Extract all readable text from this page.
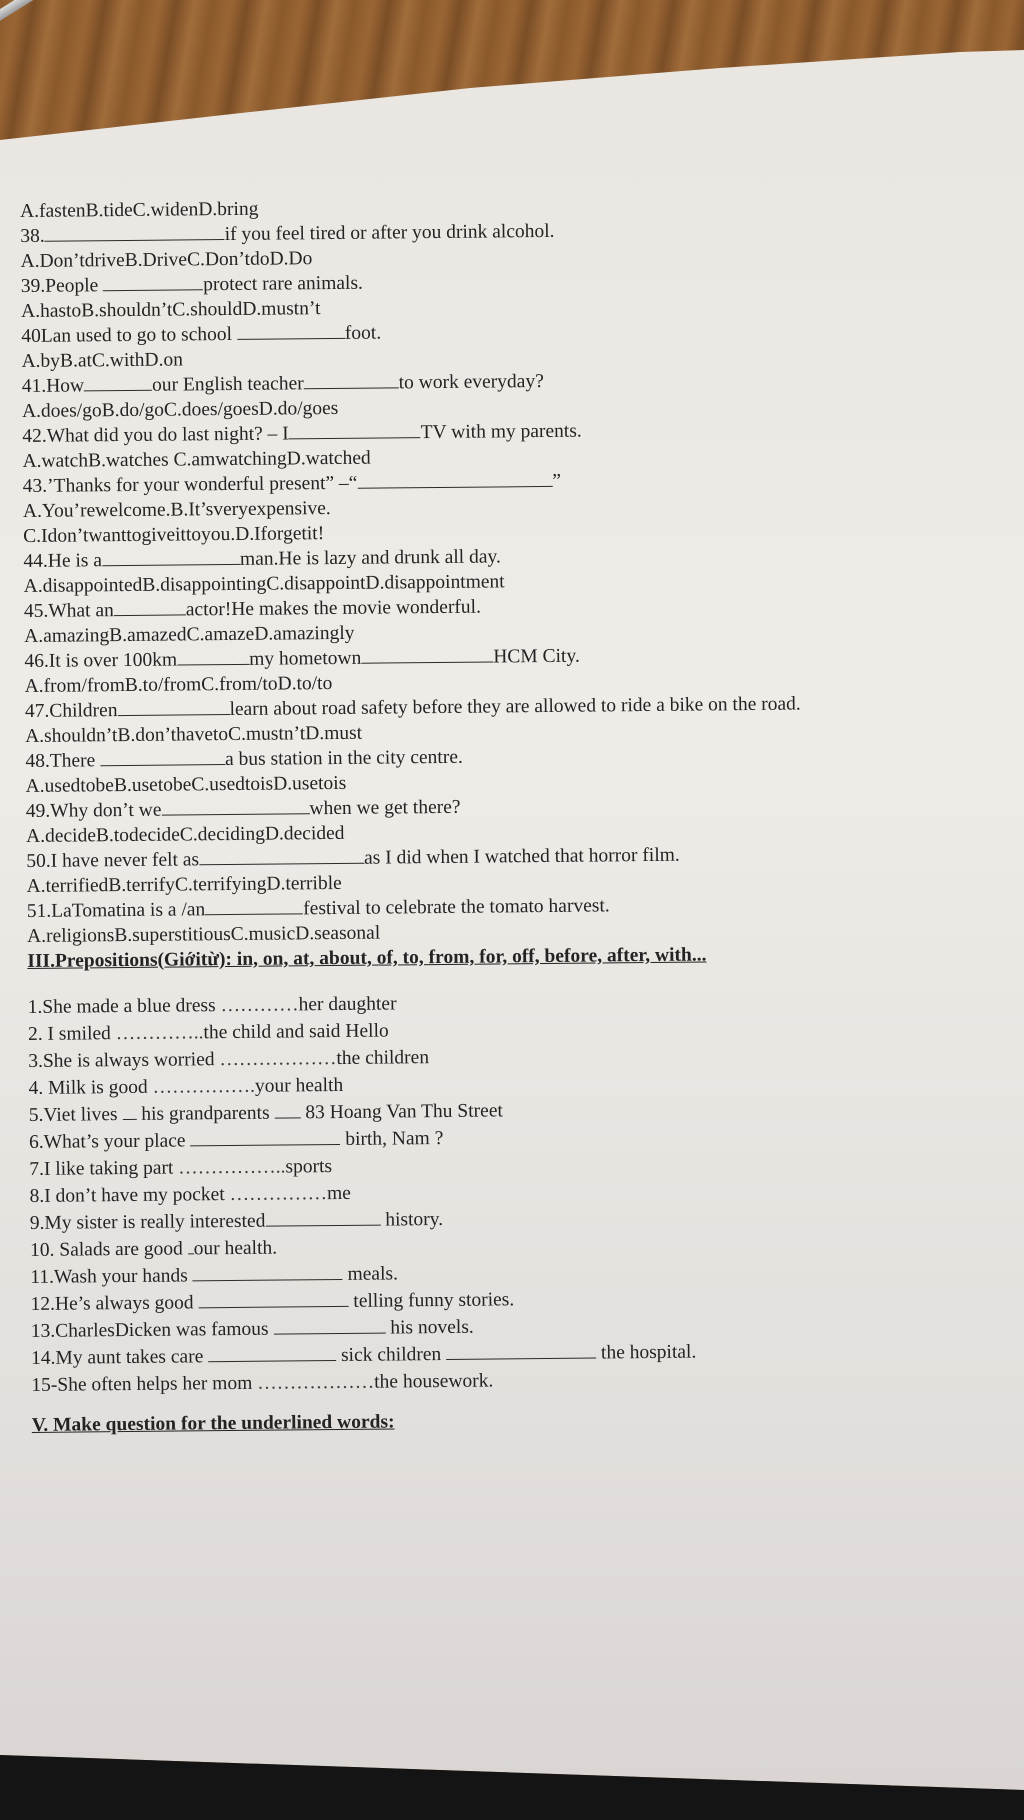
A.fastenB.tideC.widenD.bring
38.	if you feel tired or after you drink alcohol.
A.Don’tdriveB.DriveC.Don’tdoD.Do
39.People	protect rare animals.
A.hastoB.shouldn’tC.shouldD.mustn’t
40Lan used to go to school	foot.
A.byB.atC.withD.on
41.How	our English teacher	to work everyday?
A.does/goB.do/goC.does/goesD.do/goes
42.What did you do last night? – I	TV with my parents.
A.watchB.watches C.amwatchingD.watched
43.’Thanks for your wonderful present” –“	”
A.You’rewelcome.B.It’sveryexpensive.
C.Idon’twanttogiveittoyou.D.Iforgetit!
44.He is a	man.He is lazy and drunk all day.
A.disappointedB.disappointingC.disappointD.disappointment
45.What an	actor!He makes the movie wonderful.
A.amazingB.amazedC.amazeD.amazingly
46.It is over 100km	my hometown	HCM City.
A.from/fromB.to/fromC.from/toD.to/to
47.Children	learn about road safety before they are allowed to ride a bike on the road.
A.shouldn’tB.don’thavetoC.mustn’tD.must
48.There	a bus station in the city centre.
A.usedtobeB.usetobeC.usedtoisD.usetois
49.Why don’t we	when we get there?
A.decideB.todecideC.decidingD.decided
50.I have never felt as	as I did when I watched that horror film.
A.terrifiedB.terrifyC.terrifyingD.terrible
51.LaTomatina is a /an	festival to celebrate the tomato harvest.
A.religionsB.superstitiousC.musicD.seasonal
III.Prepositions(Giớitừ): in, on, at, about, of, to, from, for, off, before, after, with...
1.She made a blue dress …………her daughter
2. I smiled …………..the child and said Hello
3.She is always worried ………………the children
4. Milk is good …………….your health
5.Viet lives his grandparents 83 Hoang Van Thu Street
6.What’s your place	birth, Nam ?
7.I like taking part ……………..sports
8.I don’t have my pocket ……………me
9.My sister is really interested	history.
10. Salads are good our health.
11.Wash your hands	meals.
12.He’s always good	telling funny stories.
13.CharlesDicken was famous	his novels.
14.My aunt takes care	sick children	the hospital.
15-She often helps her mom ………………the housework.
V. Make question for the underlined words:
